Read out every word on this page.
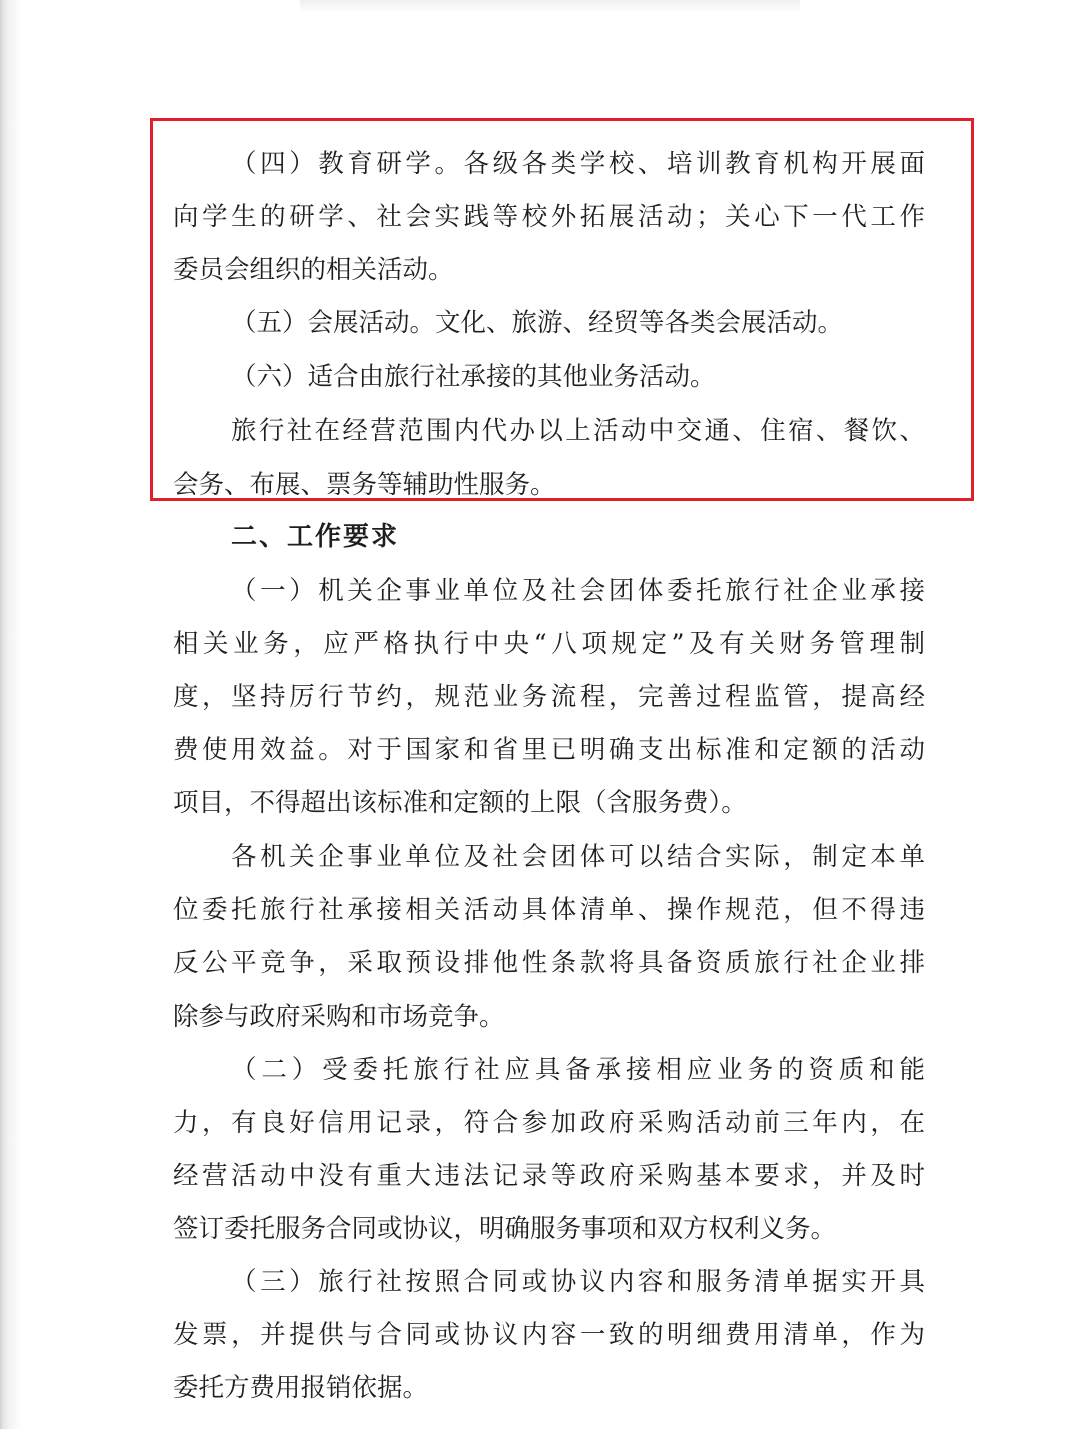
（四）教育研学。各级各类学校、培训教育机构开展面
向学生的研学、社会实践等校外拓展活动；关心下一代工作
委员会组织的相关活动。
（五）会展活动。文化、旅游、经贸等各类会展活动。
（六）适合由旅行社承接的其他业务活动。
旅行社在经营范围内代办以上活动中交通、住宿、餐饮、
会务、布展、票务等辅助性服务。
二、工作要求
（一）机关企事业单位及社会团体委托旅行社企业承接
相关业务，应严格执行中央“八项规定”及有关财务管理制
度，坚持厉行节约，规范业务流程，完善过程监管，提高经
费使用效益。对于国家和省里已明确支出标准和定额的活动
项目，不得超出该标准和定额的上限（含服务费）。
各机关企事业单位及社会团体可以结合实际，制定本单
位委托旅行社承接相关活动具体清单、操作规范，但不得违
反公平竞争，采取预设排他性条款将具备资质旅行社企业排
除参与政府采购和市场竞争。
（二）受委托旅行社应具备承接相应业务的资质和能
力，有良好信用记录，符合参加政府采购活动前三年内，在
经营活动中没有重大违法记录等政府采购基本要求，并及时
签订委托服务合同或协议，明确服务事项和双方权利义务。
（三）旅行社按照合同或协议内容和服务清单据实开具
发票，并提供与合同或协议内容一致的明细费用清单，作为
委托方费用报销依据。
